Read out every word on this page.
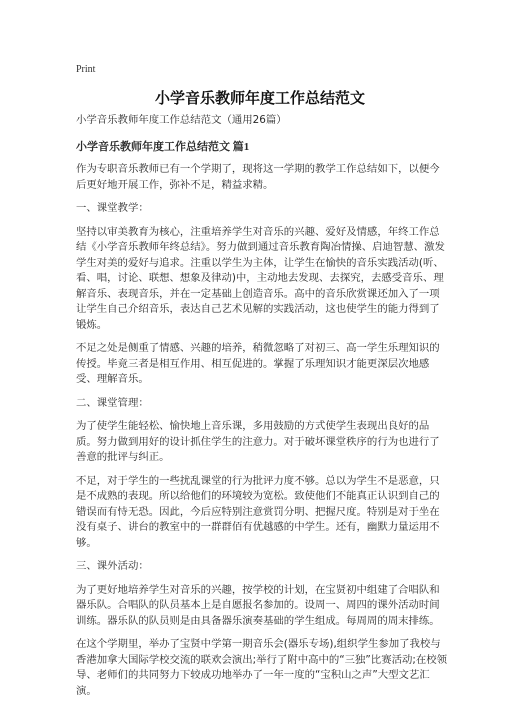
Print
小学音乐教师年度工作总结范文

小学音乐教师年度工作总结范文（通用26篇）

小学音乐教师年度工作总结范文 篇1

作为专职音乐教师已有一个学期了，现将这一学期的教学工作总结如下，以便今后更好地开展工作，弥补不足，精益求精。

一、课堂教学：

坚持以审美教育为核心，注重培养学生对音乐的兴趣、爱好及情感，年终工作总结《小学音乐教师年终总结》。努力做到通过音乐教育陶冶情操、启迪智慧、激发学生对美的爱好与追求。注重以学生为主体，让学生在愉快的音乐实践活动(听、看、唱，讨论、联想、想象及律动)中，主动地去发现、去探究，去感受音乐、理解音乐、表现音乐，并在一定基础上创造音乐。高中的音乐欣赏课还加入了一项让学生自己介绍音乐，表达自己艺术见解的实践活动，这也使学生的能力得到了锻炼。

不足之处是侧重了情感、兴趣的培养，稍微忽略了对初三、高一学生乐理知识的传授。毕竟三者是相互作用、相互促进的。掌握了乐理知识才能更深层次地感受、理解音乐。

二、课堂管理：

为了使学生能轻松、愉快地上音乐课，多用鼓励的方式使学生表现出良好的品质。努力做到用好的设计抓住学生的注意力。对于破坏课堂秩序的行为也进行了善意的批评与纠正。

不足，对于学生的一些扰乱课堂的行为批评力度不够。总以为学生不是恶意，只是不成熟的表现。所以给他们的环境较为宽松。致使他们不能真正认识到自己的错误而有恃无恐。因此，今后应特别注意赏罚分明、把握尺度。特别是对于坐在没有桌子、讲台的教室中的一群群佰有优越感的中学生。还有，幽默力量运用不够。

三、课外活动：

为了更好地培养学生对音乐的兴趣，按学校的计划，在宝贤初中组建了合唱队和器乐队。合唱队的队员基本上是自愿报名参加的。设周一、周四的课外活动时间训练。器乐队的队员则是由具备器乐演奏基础的学生组成。每周周的周末排练。

在这个学期里，举办了宝贤中学第一期音乐会(器乐专场),组织学生参加了我校与香港加拿大国际学校交流的联欢会演出;举行了附中高中的“三独”比赛活动;在校领导、老师们的共同努力下较成功地举办了一年一度的“宝积山之声”大型文艺汇演。
